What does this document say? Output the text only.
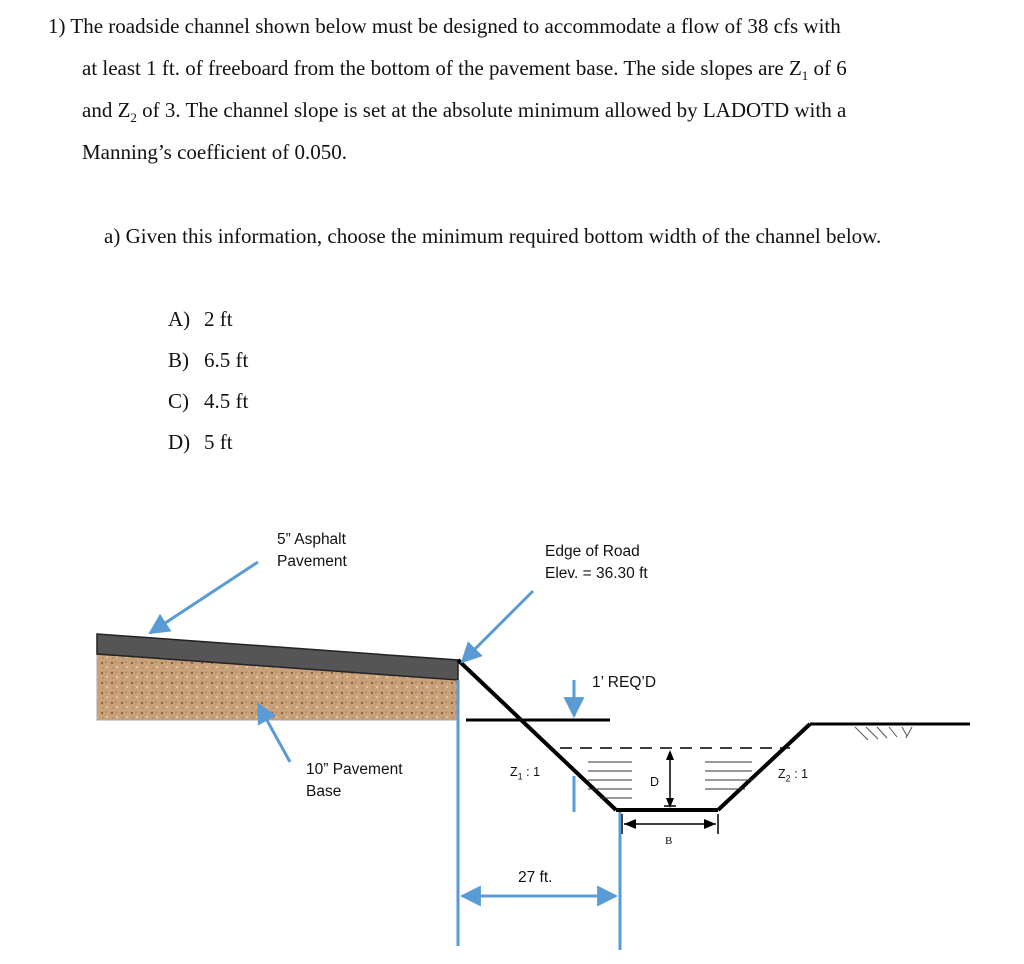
1) The roadside channel shown below must be designed to accommodate a flow of 38 cfs with
at least 1 ft. of freeboard from the bottom of the pavement base. The side slopes are $Z_1$ of 6
and $Z_2$ of 3. The channel slope is set at the absolute minimum allowed by LADOTD with a
Manning’s coefficient of 0.050.
a) Given this information, choose the minimum required bottom width of the channel below.
A) 2 ft
B) 6.5 ft
C) 4.5 ft
D) 5 ft
5” Asphalt
Pavement
Edge of Road
Elev. = 36.30 ft
1’ REQ’D
$Z_1$ : 1	$Z_2$ : 1
D
B
10” Pavement
Base
27 ft.
